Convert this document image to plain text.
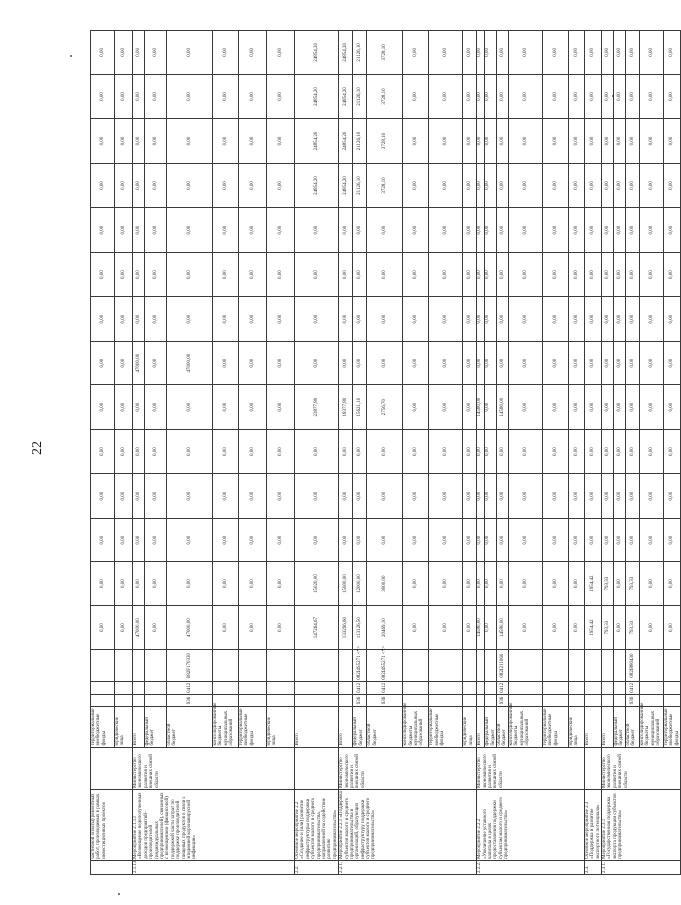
22
	частичной оплаты) ремонтных работ, производимых в рамках инвестиционных проектов		территориальные внебюджетные фонды				0,00	0,00	0,00	0,00	0,00	0,00	0,00	0,00	0,00	0,00	0,00	0,00	0,00	0,00
			юридические лица				0,00	0,00	0,00	0,00	0,00	0,00	0,00	0,00	0,00	0,00	0,00	0,00	0,00	0,00
2.1.13.	Мероприятие 2.1.13 «Возмещение недополученных доходов предприятий-производителей (индивидуальных предпринимателей), связанных с возмещением (финансовой) поддержкой части затрат по поддержке производителей пищевых продуктов в связи с эпидемией коронавирусной инфекции»	Министерство экономического развития и внешних связей области	Всего				47000,00	0,00	0,00	0,00	0,00	0,00	47000,00	0,00	0,00	0,00	0,00	0,00	0,00	0,00
			федеральный бюджет				0,00	0,00	0,00	0,00	0,00	0,00	0,00	0,00	0,00	0,00	0,00	0,00	0,00	0,00
			областной бюджет	936	0412	082F170330	47000,00	0,00	0,00	0,00	0,00	0,00	47000,00	0,00	0,00	0,00	0,00	0,00	0,00	0,00
			консолидированные бюджеты муниципальных образований				0,00	0,00	0,00	0,00	0,00	0,00	0,00	0,00	0,00	0,00	0,00	0,00	0,00	0,00
			территориальные внебюджетные фонды				0,00	0,00	0,00	0,00	0,00	0,00	0,00	0,00	0,00	0,00	0,00	0,00	0,00	0,00
			юридические лица				0,00	0,00	0,00	0,00	0,00	0,00	0,00	0,00	0,00	0,00	0,00	0,00	0,00	0,00
2.2.	Основное мероприятие 2.2 «Создание и (или) развитие инфраструктуры поддержки субъектов малого и среднего предпринимательства, направленной на содействие развитию предпринимательства»		Всего				147264,67	15020,00	0,00	0,00	0,00	23877,80	0,00	0,00	0,00	0,00	24854,20	24854,20	24854,20	24854,20
2.2.1.	Мероприятие 2.2.1 «Поддержка субъектов малого и среднего предпринимательства и организаций, образующих инфраструктуру поддержки субъектов малого и среднего предпринимательства»	Министерство экономического развития и внешних связей области	Всего				133296,60	15000,00	0,00	0,00	0,00	18377,80	0,00	0,00	0,00	0,00	24854,20	24854,20	24854,20	24854,20
			федеральный бюджет	936	0412	082I4S5271 <*>	113126,50	12000,00	0,00	0,00	0,00	15621,10	0,00	0,00	0,00	0,00	21126,10	21126,10	21126,10	21126,10
			областной бюджет	936	0412	082I4S5271 <*>	20469,10	3000,00	0,00	0,00	0,00	2756,70	0,00	0,00	0,00	0,00	3728,10	3728,10	3728,10	3728,10
			консолидированные бюджеты муниципальных образований				0,00	0,00	0,00	0,00	0,00	0,00	0,00	0,00	0,00	0,00	0,00	0,00	0,00	0,00
			территориальные внебюджетные фонды				0,00	0,00	0,00	0,00	0,00	0,00	0,00	0,00	0,00	0,00	0,00	0,00	0,00	0,00
			юридические лица				0,00	0,00	0,00	0,00	0,00	0,00	0,00	0,00	0,00	0,00	0,00	0,00	0,00	0,00
2.2.2.	Мероприятие 2.2.2 «Увеличение уставного капитала в целях предоставления поддержки субъектам малого и среднего предпринимательства»	Министерство экономического развития и внешних связей области	Всего				14580,00	0,00	0,00	0,00	0,00	14580,00	0,00	0,00	0,00	0,00	0,00	0,00	0,00	0,00
			федеральный бюджет				0,00	0,00	0,00	0,00	0,00	0,00	0,00	0,00	0,00	0,00	0,00	0,00	0,00	0,00
			областной бюджет	936	0412	082I211060	14580,00	0,00	0,00	0,00	0,00	14580,00	0,00	0,00	0,00	0,00	0,00	0,00	0,00	0,00
			консолидированные бюджеты муниципальных образований				0,00	0,00	0,00	0,00	0,00	0,00	0,00	0,00	0,00	0,00	0,00	0,00	0,00	0,00
			территориальные внебюджетные фонды				0,00	0,00	0,00	0,00	0,00	0,00	0,00	0,00	0,00	0,00	0,00	0,00	0,00	0,00
			юридические лица				0,00	0,00	0,00	0,00	0,00	0,00	0,00	0,00	0,00	0,00	0,00	0,00	0,00	0,00
2.3.	Основное мероприятие 2.3 «Поддержка и развитие экспортного потенциала»		Всего				1954,42	1954,42	0,00	0,00	0,00	0,00	0,00	0,00	0,00	0,00	0,00	0,00	0,00	0,00
2.3.1.	Мероприятие 2.3.1 «Государственная поддержка экспорта продукции субъектов предпринимательства»	Министерство экономического развития и внешних связей области	Всего				793,33	793,33	0,00	0,00	0,00	0,00	0,00	0,00	0,00	0,00	0,00	0,00	0,00	0,00
			федеральный бюджет				0,00	0,00	0,00	0,00	0,00	0,00	0,00	0,00	0,00	0,00	0,00	0,00	0,00	0,00
			областной бюджет	936	0412	082I880430	793,33	793,33	0,00	0,00	0,00	0,00	0,00	0,00	0,00	0,00	0,00	0,00	0,00	0,00
			консолидированные бюджеты муниципальных образований				0,00	0,00	0,00	0,00	0,00	0,00	0,00	0,00	0,00	0,00	0,00	0,00	0,00	0,00
			территориальные внебюджетные фонды				0,00	0,00	0,00	0,00	0,00	0,00	0,00	0,00	0,00	0,00	0,00	0,00	0,00	0,00
